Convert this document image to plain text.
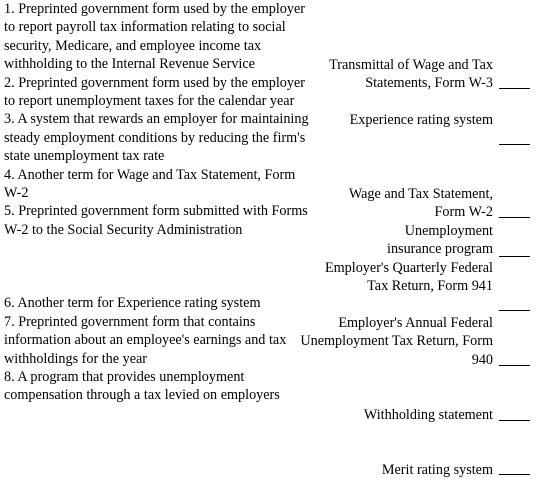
1. Preprinted government form used by the employer to report payroll tax information relating to social security, Medicare, and employee income tax withholding to the Internal Revenue Service

2. Preprinted government form used by the employer to report unemployment taxes for the calendar year

3. A system that rewards an employer for maintaining steady employment conditions by reducing the firm's state unemployment tax rate

4. Another term for Wage and Tax Statement, Form W-2

5. Preprinted government form submitted with Forms W-2 to the Social Security Administration

6. Another term for Experience rating system

7. Preprinted government form that contains information about an employee's earnings and tax withholdings for the year

8. A program that provides unemployment compensation through a tax levied on employers

Transmittal of Wage and Tax Statements, Form W-3
Experience rating system
Wage and Tax Statement, Form W-2
Unemployment insurance program
Employer's Quarterly Federal Tax Return, Form 941
Employer's Annual Federal Unemployment Tax Return, Form 940
Withholding statement
Merit rating system
